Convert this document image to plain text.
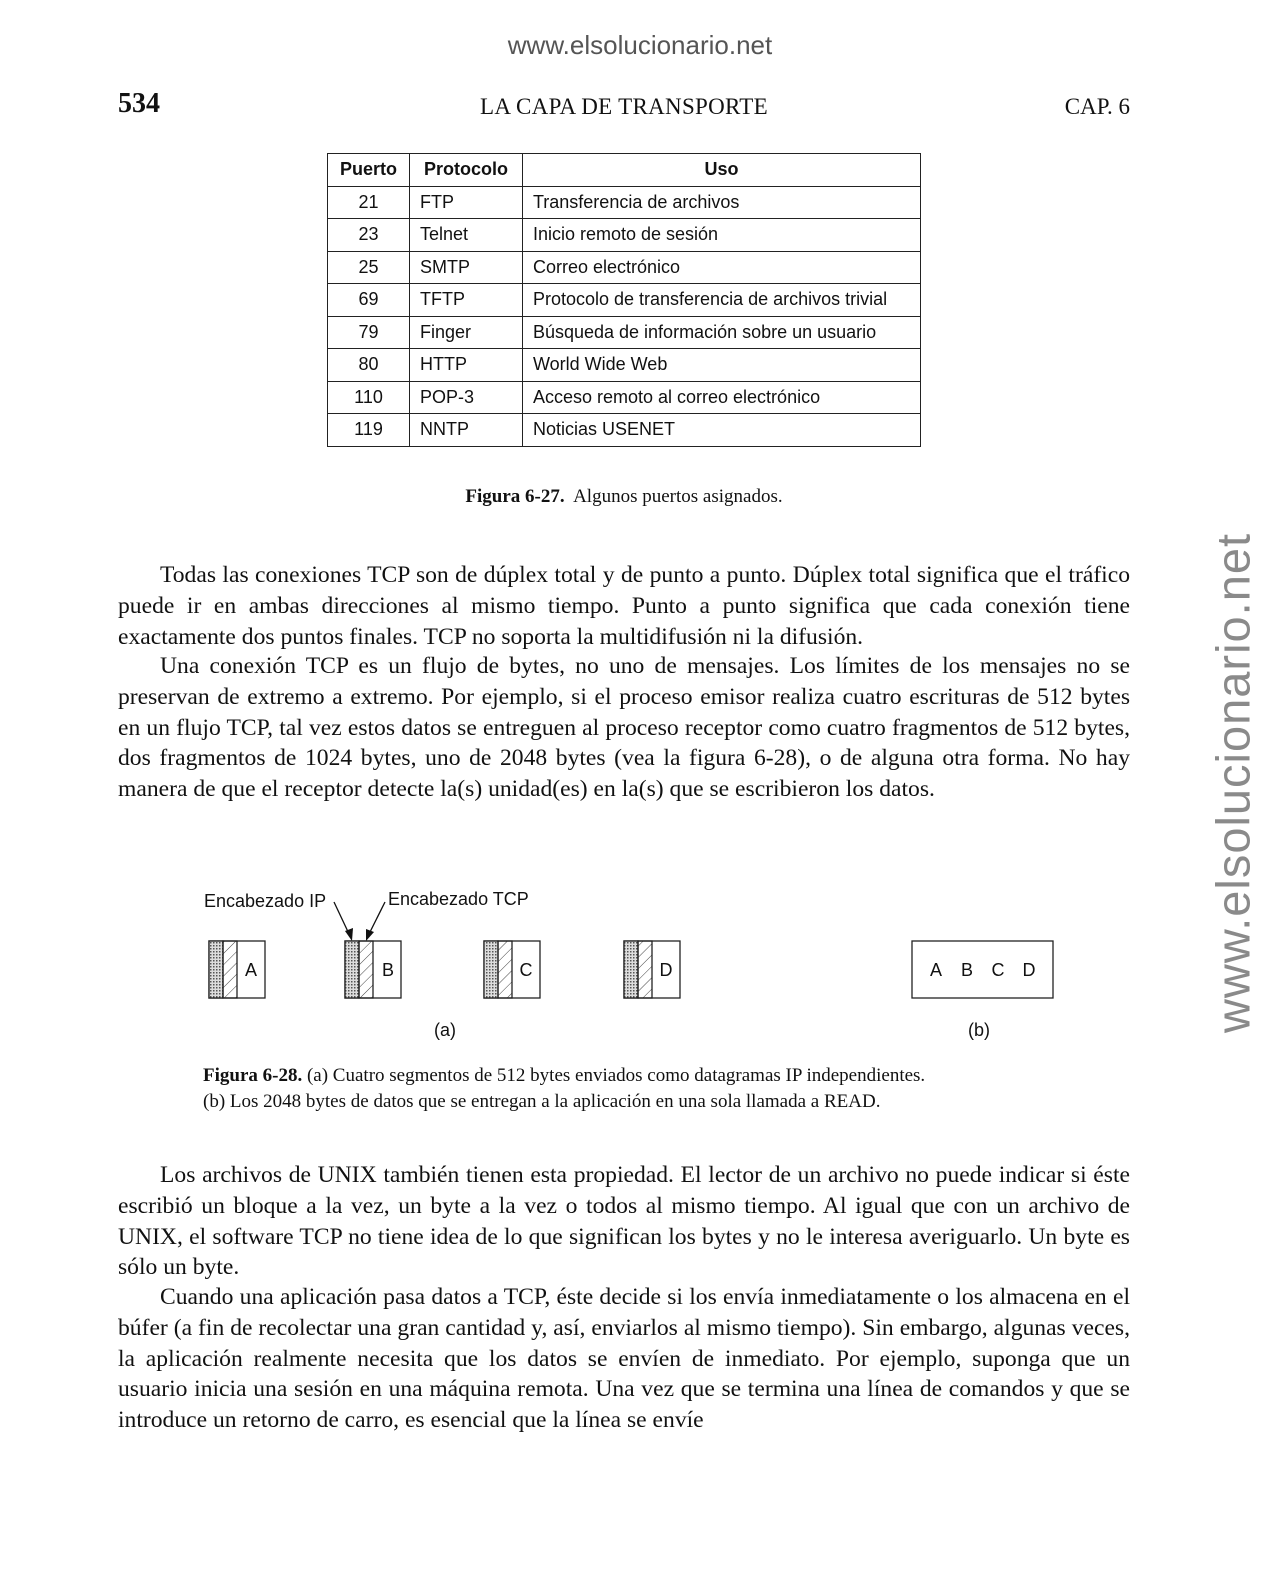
www.elsolucionario.net
www.elsolucionario.net
534	LA CAPA DE TRANSPORTE	CAP. 6
Puerto	Protocolo	Uso
21	FTP	Transferencia de archivos
23	Telnet	Inicio remoto de sesión
25	SMTP	Correo electrónico
69	TFTP	Protocolo de transferencia de archivos trivial
79	Finger	Búsqueda de información sobre un usuario
80	HTTP	World Wide Web
110	POP-3	Acceso remoto al correo electrónico
119	NNTP	Noticias USENET
Figura 6-27. Algunos puertos asignados.

Todas las conexiones TCP son de dúplex total y de punto a punto. Dúplex total significa que el tráfico puede ir en ambas direcciones al mismo tiempo. Punto a punto significa que cada conexión tiene exactamente dos puntos finales. TCP no soporta la multidifusión ni la difusión.

Una conexión TCP es un flujo de bytes, no uno de mensajes. Los límites de los mensajes no se preservan de extremo a extremo. Por ejemplo, si el proceso emisor realiza cuatro escrituras de 512 bytes en un flujo TCP, tal vez estos datos se entreguen al proceso receptor como cuatro fragmentos de 512 bytes, dos fragmentos de 1024 bytes, uno de 2048 bytes (vea la figura 6-28), o de alguna otra forma. No hay manera de que el receptor detecte la(s) unidad(es) en la(s) que se escribieron los datos.

Encabezado IP	Encabezado TCP
A	B	C	D	A B C D
(a)	(b)
Figura 6-28. (a) Cuatro segmentos de 512 bytes enviados como datagramas IP independientes.
(b) Los 2048 bytes de datos que se entregan a la aplicación en una sola llamada a READ.

Los archivos de UNIX también tienen esta propiedad. El lector de un archivo no puede indicar si éste escribió un bloque a la vez, un byte a la vez o todos al mismo tiempo. Al igual que con un archivo de UNIX, el software TCP no tiene idea de lo que significan los bytes y no le interesa averiguarlo. Un byte es sólo un byte.

Cuando una aplicación pasa datos a TCP, éste decide si los envía inmediatamente o los almacena en el búfer (a fin de recolectar una gran cantidad y, así, enviarlos al mismo tiempo). Sin embargo, algunas veces, la aplicación realmente necesita que los datos se envíen de inmediato. Por ejemplo, suponga que un usuario inicia una sesión en una máquina remota. Una vez que se termina una línea de comandos y que se introduce un retorno de carro, es esencial que la línea se envíe
